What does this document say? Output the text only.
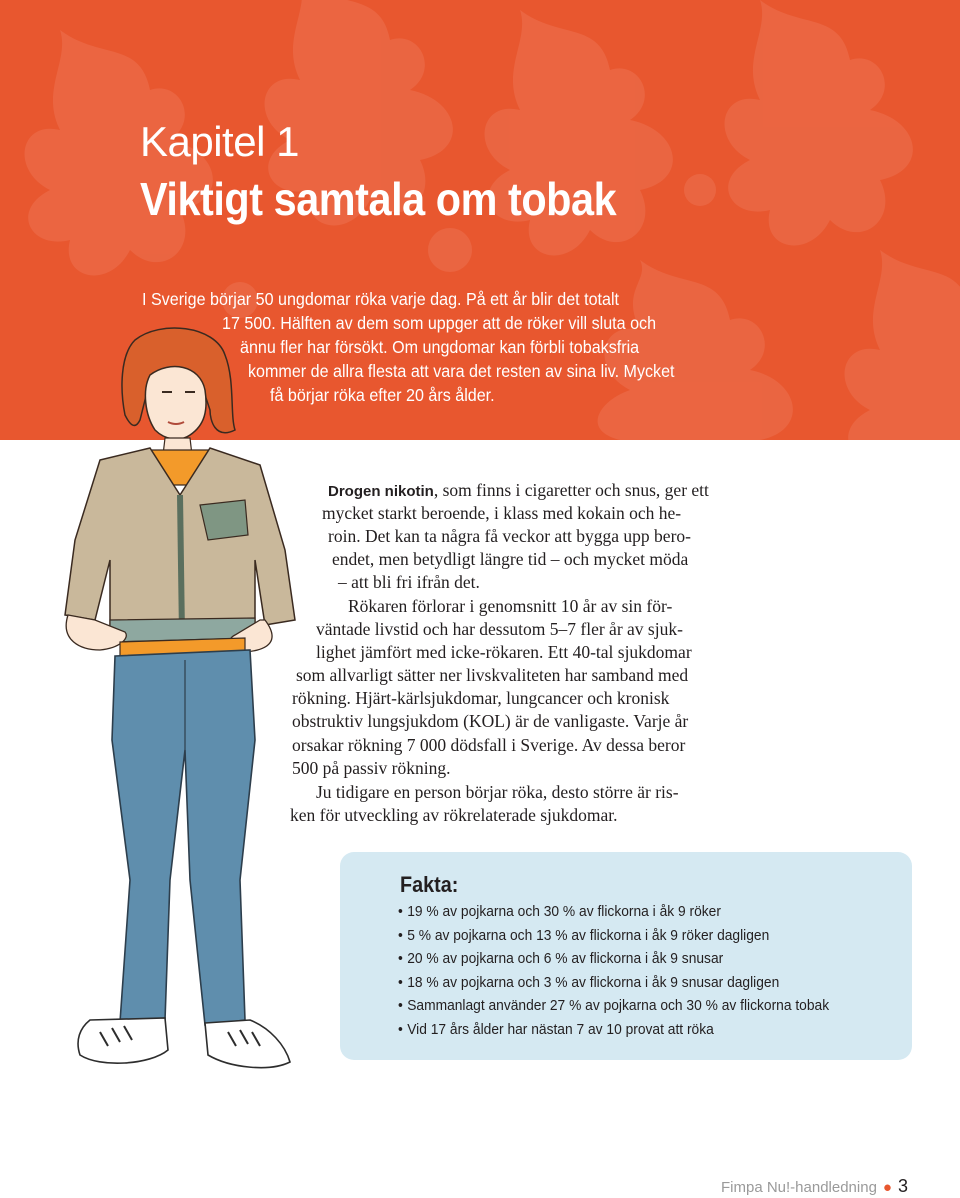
Kapitel 1
Viktigt samtala om tobak
I Sverige börjar 50 ungdomar röka varje dag. På ett år blir det totalt
17 500. Hälften av dem som uppger att de röker vill sluta och
ännu fler har försökt. Om ungdomar kan förbli tobaksfria
kommer de allra flesta att vara det resten av sina liv. Mycket
få börjar röka efter 20 års ålder.
Drogen nikotin, som finns i cigaretter och snus, ger ett
mycket starkt beroende, i klass med kokain och he-
roin. Det kan ta några få veckor att bygga upp bero-
endet, men betydligt längre tid – och mycket möda
– att bli fri ifrån det.
Rökaren förlorar i genomsnitt 10 år av sin för-
väntade livstid och har dessutom 5–7 fler år av sjuk-
lighet jämfört med icke-rökaren. Ett 40-tal sjukdomar
som allvarligt sätter ner livskvaliteten har samband med
rökning. Hjärt-kärlsjukdomar, lungcancer och kronisk
obstruktiv lungsjukdom (KOL) är de vanligaste. Varje år
orsakar rökning 7 000 dödsfall i Sverige. Av dessa beror
500 på passiv rökning.
Ju tidigare en person börjar röka, desto större är ris-
ken för utveckling av rökrelaterade sjukdomar.
Fakta:
• 19 % av pojkarna och 30 % av flickorna i åk 9 röker
• 5 % av pojkarna och 13 % av flickorna i åk 9 röker dagligen
• 20 % av pojkarna och 6 % av flickorna i åk 9 snusar
• 18 % av pojkarna och 3 % av flickorna i åk 9 snusar dagligen
• Sammanlagt använder 27 % av pojkarna och 30 % av flickorna tobak
• Vid 17 års ålder har nästan 7 av 10 provat att röka
Fimpa Nu!-handledning ● 3
